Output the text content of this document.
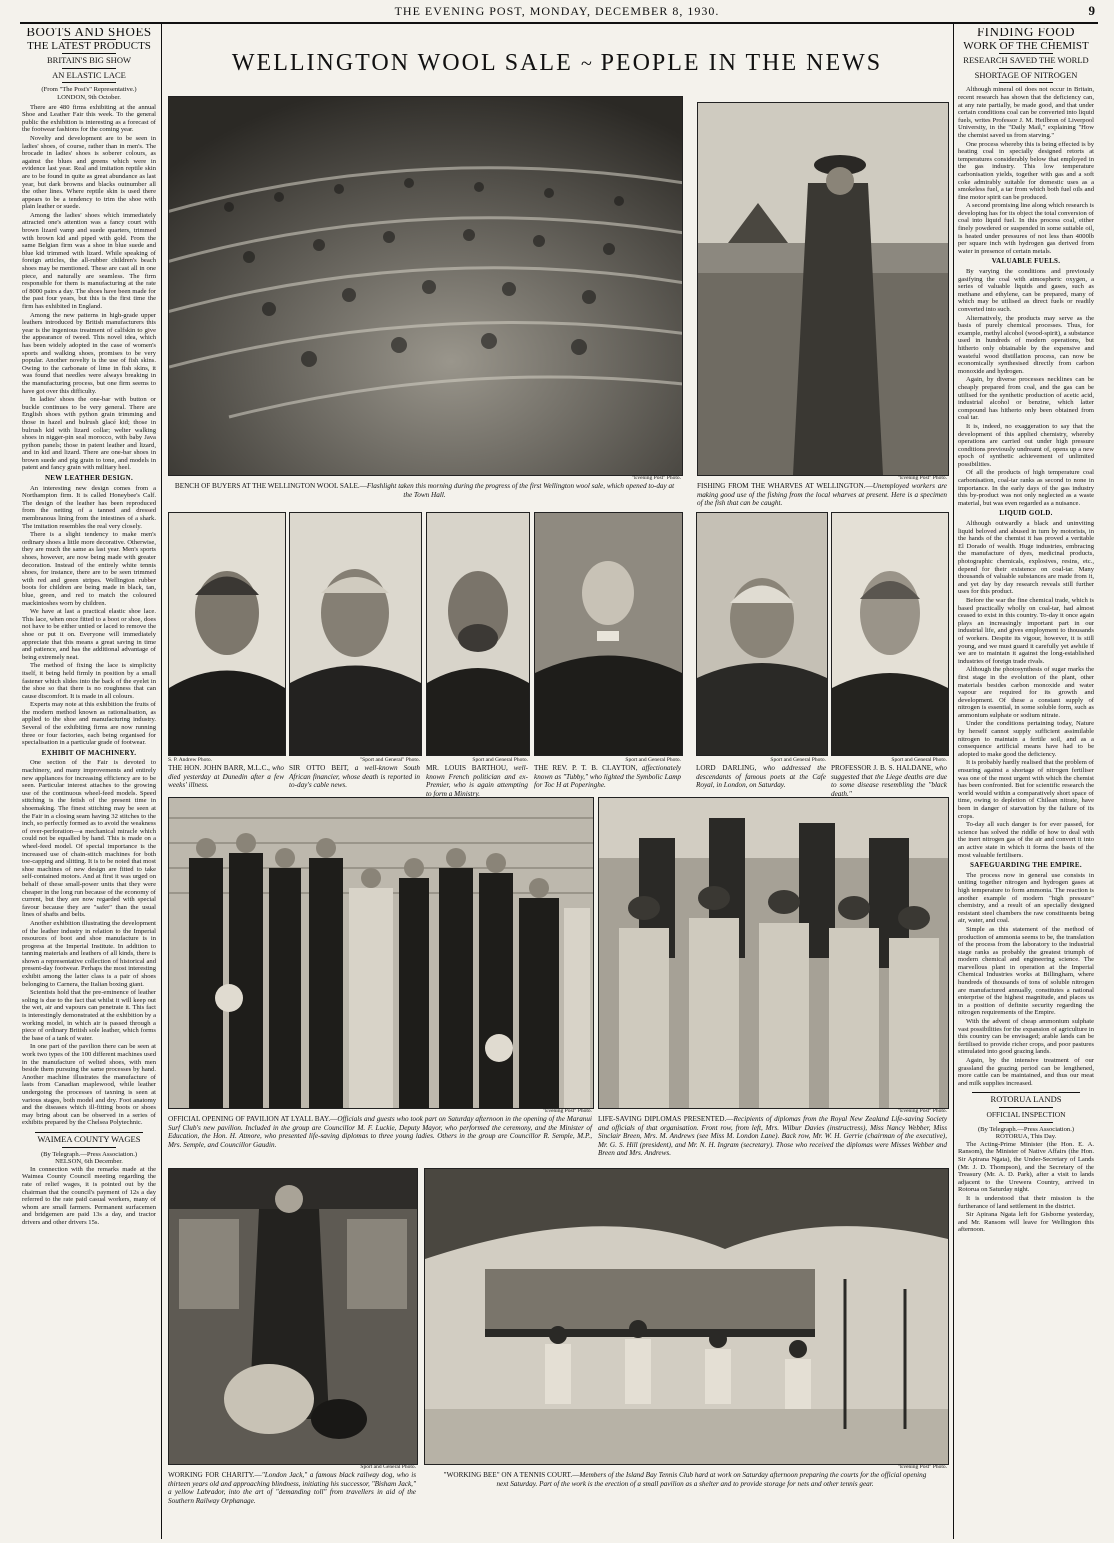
THE EVENING POST, MONDAY, DECEMBER 8, 1930.	9
BOOTS AND SHOES
THE LATEST PRODUCTS
BRITAIN'S BIG SHOW
AN ELASTIC LACE
(From "The Post's" Representative.)
LONDON, 9th October.

There are 480 firms exhibiting at the annual Shoe and Leather Fair this week. To the general public the exhibition is interesting as a forecast of the footwear fashions for the coming year.

Novelty and development are to be seen in ladies' shoes, of course, rather than in men's. The brocade in ladies' shoes is soberer colours, as against the blues and greens which were in evidence last year. Real and imitation reptile skin are to be found in quite as great abundance as last year, but dark browns and blacks outnumber all the other lines. Where reptile skin is used there appears to be a tendency to trim the shoe with plain leather or suede.

Among the ladies' shoes which immediately attracted one's attention was a fancy court with brown lizard vamp and suede quarters, trimmed with brown kid and piped with gold. From the same Belgian firm was a shoe in blue suede and blue kid trimmed with lizard. While speaking of foreign articles, the all-rubber children's beach shoes may be mentioned. These are cast all in one piece, and naturally are seamless. The firm responsible for them is manufacturing at the rate of 8000 pairs a day. The shoes have been made for the past four years, but this is the first time the firm has exhibited in England.

Among the new patterns in high-grade upper leathers introduced by British manufacturers this year is the ingenious treatment of calfskin to give the appearance of tweed. This novel idea, which has been widely adopted in the case of women's sports and walking shoes, promises to be very popular. Another novelty is the use of fish skins. Owing to the carbonate of lime in fish skins, it was found that needles were always breaking in the manufacturing process, but one firm seems to have got over this difficulty.

In ladies' shoes the one-bar with button or buckle continues to be very general. There are English shoes with python grain trimming and those in hazel and bulrush glacé kid; those in bulrush kid with lizard collar; welter walking shoes in nigger-pin seal morocco, with baby Java python panels; those in patent leather and lizard, and in kid and lizard. There are one-bar shoes in brown suede and pig grain to tone, and models in patent and fancy grain with military heel.

NEW LEATHER DESIGN.

An interesting new design comes from a Northampton firm. It is called Honeybee's Calf. The design of the leather has been reproduced from the netting of a tanned and dressed membranous lining from the intestines of a shark. The imitation resembles the real very closely.

There is a slight tendency to make men's ordinary shoes a little more decorative. Otherwise, they are much the same as last year. Men's sports shoes, however, are now being made with greater decoration. Instead of the entirely white tennis shoes, for instance, there are to be seen trimmed with red and green stripes. Wellington rubber boots for children are being made in black, tan, blue, green, and red to match the coloured mackintoshes worn by children.

We have at last a practical elastic shoe lace. This lace, when once fitted to a boot or shoe, does not have to be either untied or laced to remove the shoe or put it on. Everyone will immediately appreciate that this means a great saving in time and patience, and has the additional advantage of being extremely neat.

The method of fixing the lace is simplicity itself, it being held firmly in position by a small fastener which slides into the back of the eyelet in the shoe so that there is no roughness that can cause discomfort. It is made in all colours.

Experts may note at this exhibition the fruits of the modern method known as rationalisation, as applied to the shoe and manufacturing industry. Several of the exhibiting firms are now running three or four factories, each being organised for specialisation in a particular grade of footwear.

EXHIBIT OF MACHINERY.

One section of the Fair is devoted to machinery, and many improvements and entirely new appliances for increasing efficiency are to be seen. Particular interest attaches to the growing use of the continuous wheel-feed models. Speed stitching is the fetish of the present time in shoemaking. The finest stitching may be seen at the Fair in a closing seam having 32 stitches to the inch, so perfectly formed as to avoid the weakness of over-perforation—a mechanical miracle which could not be equalled by hand. This is made on a wheel-feed model. Of special importance is the increased use of chain-stitch machines for both toe-capping and slitting. It is to be noted that most shoe machines of new design are fitted to take self-contained motors. And at first it was urged on behalf of these small-power units that they were cheaper in the long run because of the economy of current, but they are now regarded with special favour because they are "safer" than the usual lines of shafts and belts.

Another exhibition illustrating the development of the leather industry in relation to the Imperial resources of boot and shoe manufacture is in progress at the Imperial Institute. In addition to tanning materials and leathers of all kinds, there is shown a representative collection of historical and present-day footwear. Perhaps the most interesting exhibit among the latter class is a pair of shoes belonging to Carnera, the Italian boxing giant.

Scientists hold that the pre-eminence of leather soling is due to the fact that whilst it will keep out the wet, air and vapours can penetrate it. This fact is interestingly demonstrated at the exhibition by a working model, in which air is passed through a piece of ordinary British sole leather, which forms the base of a tank of water.

In one part of the pavilion there can be seen at work two types of the 100 different machines used in the manufacture of welted shoes, with men beside them pursuing the same processes by hand. Another machine illustrates the manufacture of lasts from Canadian maplewood, while leather undergoing the processes of taxning is seen at various stages, both model and dry. Foot anatomy and the diseases which ill-fitting boots or shoes may bring about can be observed in a series of exhibits prepared by the Chelsea Polytechnic.

WAIMEA COUNTY WAGES
(By Telegraph.—Press Association.)
NELSON, 6th December.

In connection with the remarks made at the Waimea County Council meeting regarding the rate of relief wages, it is pointed out by the chairman that the council's payment of 12s a day referred to the rate paid casual workers, many of whom are small farmers. Permanent surfacemen and bridgemen are paid 13s a day, and tractor drivers and other drivers 15s.

FINDING FOOD
WORK OF THE CHEMIST
RESEARCH SAVED THE WORLD
SHORTAGE OF NITROGEN

Although mineral oil does not occur in Britain, recent research has shown that the deficiency can, at any rate partially, be made good, and that under certain conditions coal can be converted into liquid fuels, writes Professor J. M. Heilbron of Liverpool University, in the "Daily Mail," explaining "How the chemist saved us from starving."

One process whereby this is being effected is by heating coal in specially designed retorts at temperatures considerably below that employed in the gas industry. This low temperature carbonisation yields, together with gas and a soft coke admirably suitable for domestic uses as a smokeless fuel, a tar from which both fuel oils and fine motor spirit can be produced.

A second promising line along which research is developing has for its object the total conversion of coal into liquid fuel. In this process coal, either finely powdered or suspended in some suitable oil, is heated under pressures of not less than 4000lb per square inch with hydrogen gas derived from water in presence of certain metals.

VALUABLE FUELS.

By varying the conditions and previously gasifying the coal with atmospheric oxygen, a series of valuable liquids and gases, such as methane and ethylene, can be prepared, many of which may be utilised as direct fuels or readily converted into such.

Alternatively, the products may serve as the basis of purely chemical processes. Thus, for example, methyl alcohol (wood-spirit), a substance used in hundreds of modern operations, but hitherto only obtainable by the expensive and wasteful wood distillation process, can now be economically synthesised directly from carbon monoxide and hydrogen.

Again, by diverse processes necklines can be cheaply prepared from coal, and the gas can be utilised for the synthetic production of acetic acid, industrial alcohol or benzine, which latter compound has hitherto only been obtained from coal tar.

It is, indeed, no exaggeration to say that the development of this applied chemistry, whereby operations are carried out under high pressure conditions previously undreamt of, opens up a new epoch of synthetic achievement of unlimited possibilities.

Of all the products of high temperature coal carbonisation, coal-tar ranks as second to none in importance. In the early days of the gas industry this by-product was not only neglected as a waste material, but was even regarded as a nuisance.

LIQUID GOLD.

Although outwardly a black and uninviting liquid beloved and abused in turn by motorists, in the hands of the chemist it has proved a veritable El Dorado of wealth. Huge industries, embracing the manufacture of dyes, medicinal products, photographic chemicals, explosives, resins, etc., depend for their existence on coal-tar. Many thousands of valuable substances are made from it, and yet day by day research reveals still further uses for this product.

Before the war the fine chemical trade, which is based practically wholly on coal-tar, had almost ceased to exist in this country. To-day it once again plays an increasingly important part in our industrial life, and gives employment to thousands of workers. Despite its vigour, however, it is still young, and we must guard it carefully yet awhile if we are to maintain it against the long-established industries of foreign trade rivals.

Although the photosynthesis of sugar marks the first stage in the evolution of the plant, other materials besides carbon monoxide and water vapour are required for its growth and development. Of these a constant supply of nitrogen is essential, in some soluble form, such as ammonium sulphate or sodium nitrate.

Under the conditions pertaining today, Nature by herself cannot supply sufficient assimilable nitrogen to maintain a fertile soil, and as a consequence artificial means have had to be adopted to make good the deficiency.

It is probably hardly realised that the problem of ensuring against a shortage of nitrogen fertiliser was one of the most urgent with which the chemist has been confronted. But for scientific research the world would within a comparatively short space of time, owing to depletion of Chilean nitrate, have been in danger of starvation by the failure of its crops.

To-day all such danger is for ever passed, for science has solved the riddle of how to deal with the inert nitrogen gas of the air and convert it into an active state in which it forms the basis of the most valuable fertilisers.

SAFEGUARDING THE EMPIRE.

The process now in general use consists in uniting together nitrogen and hydrogen gases at high temperature to form ammonia. The reaction is another example of modern "high pressure" chemistry, and a result of an specially designed resistant steel chambers the raw constituents being air, water, and coal.

Simple as this statement of the method of production of ammonia seems to be, the translation of the process from the laboratory to the industrial stage ranks as probably the greatest triumph of modern chemical and engineering science. The marvellous plant in operation at the Imperial Chemical Industries works at Billingham, where hundreds of thousands of tons of soluble nitrogen are manufactured annually, constitutes a national enterprise of the highest magnitude, and places us in a position of definite security regarding the nitrogen requirements of the Empire.

With the advent of cheap ammonium sulphate vast possibilities for the expansion of agriculture in this country can be envisaged; arable lands can be fertilised to provide richer crops, and poor pastures stimulated into good grazing lands.

Again, by the intensive treatment of our grassland the grazing period can be lengthened, more cattle can be maintained, and thus our meat and milk supplies increased.

ROTORUA LANDS
OFFICIAL INSPECTION
(By Telegraph.—Press Association.)
ROTORUA, This Day.

The Acting-Prime Minister (the Hon. E. A. Ransom), the Minister of Native Affairs (the Hon. Sir Apirana Ngata), the Under-Secretary of Lands (Mr. J. D. Thompson), and the Secretary of the Treasury (Mr. A. D. Park), after a visit to lands adjacent to the Urewera Country, arrived in Rotorua on Saturday night.

It is understood that their mission is the furtherance of land settlement in the district.

Sir Apirana Ngata left for Gisborne yesterday, and Mr. Ransom will leave for Wellington this afternoon.

WELLINGTON WOOL SALE ~ PEOPLE IN THE NEWS
"Evening Post" Photo.
BENCH OF BUYERS AT THE WELLINGTON WOOL SALE.—Flashlight taken this morning during the progress of the first Wellington wool sale, which opened to-day at the Town Hall.
"Evening Post" Photo.
FISHING FROM THE WHARVES AT WELLINGTON.—Unemployed workers are making good use of the fishing from the local wharves at present. Here is a specimen of the fish that can be caught.
S. P. Andrew Photo.	"Sport and General" Photo.	Sport and General Photo.	Sport and General Photo.	Sport and General Photo.	Sport and General Photo.
THE HON. JOHN BARR, M.L.C., who died yesterday at Dunedin after a few weeks' illness.
SIR OTTO BEIT, a well-known South African financier, whose death is reported in to-day's cable news.
MR. LOUIS BARTHOU, well-known French politician and ex-Premier, who is again attempting to form a Ministry.
THE REV. P. T. B. CLAYTON, affectionately known as "Tubby," who lighted the Symbolic Lamp for Toc H at Poperinghe.
LORD DARLING, who addressed the descendants of famous poets at the Cafe Royal, in London, on Saturday.
PROFESSOR J. B. S. HALDANE, who suggested that the Liege deaths are due to some disease resembling the "black death."
"Evening Post" Photo.
OFFICIAL OPENING OF PAVILION AT LYALL BAY.—Officials and guests who took part on Saturday afternoon in the opening of the Maranui Surf Club's new pavilion. Included in the group are Councillor M. F. Luckie, Deputy Mayor, who performed the ceremony, and the Minister of Education, the Hon. H. Atmore, who presented life-saving diplomas to three young ladies. Others in the group are Councillor R. Semple, M.P., Mrs. Semple, and Councillor Gaudin.
"Evening Post" Photo.
LIFE-SAVING DIPLOMAS PRESENTED.—Recipients of diplomas from the Royal New Zealand Life-saving Society and officials of that organisation. Front row, from left, Mrs. Wilbur Davies (instructress), Miss Nancy Webber, Miss Sinclair Breen, Mrs. M. Andrews (see Miss M. London Lane). Back row, Mr. W. H. Gerrie (chairman of the executive), Mr. G. S. Hill (president), and Mr. N. H. Ingram (secretary). Those who received the diplomas were Misses Webber and Breen and Mrs. Andrews.
Sport and General Photo.
WORKING FOR CHARITY.—"London Jack," a famous black railway dog, who is thirteen years old and approaching blindness, initiating his successor, "Bisham Jack," a yellow Labrador, into the art of "demanding toll" from travellers in aid of the Southern Railway Orphanage.
"Evening Post" Photo.
"WORKING BEE" ON A TENNIS COURT.—Members of the Island Bay Tennis Club hard at work on Saturday afternoon preparing the courts for the official opening next Saturday. Part of the work is the erection of a small pavilion as a shelter and to provide storage for nets and other tennis gear.
